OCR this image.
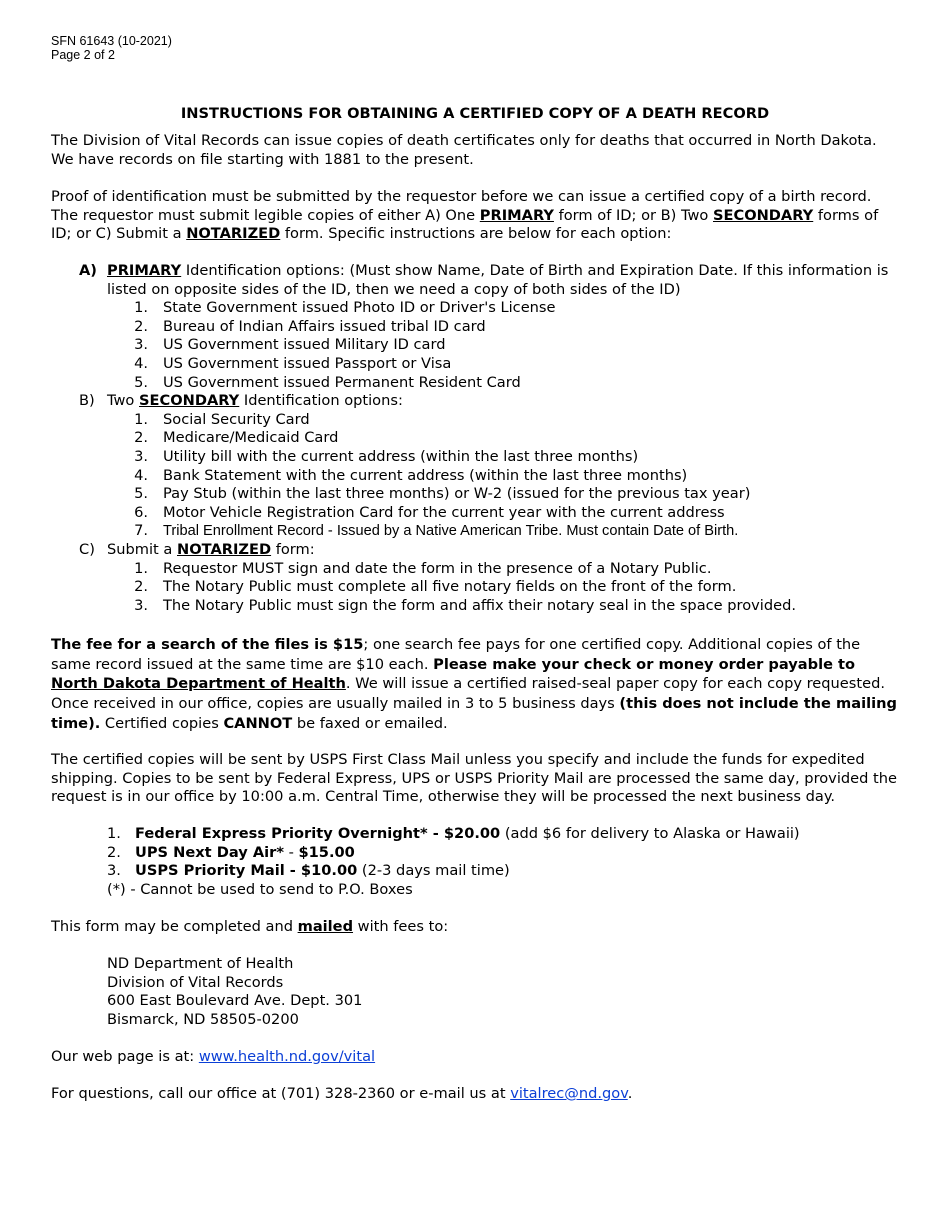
SFN 61643 (10-2021)
Page 2 of 2
INSTRUCTIONS FOR OBTAINING A CERTIFIED COPY OF A DEATH RECORD
The Division of Vital Records can issue copies of death certificates only for deaths that occurred in North Dakota. We have records on file starting with 1881 to the present.
Proof of identification must be submitted by the requestor before we can issue a certified copy of a birth record.
The requestor must submit legible copies of either A) One PRIMARY form of ID; or B) Two SECONDARY forms of ID; or C) Submit a NOTARIZED form. Specific instructions are below for each option:
A) PRIMARY Identification options: (Must show Name, Date of Birth and Expiration Date. If this information is listed on opposite sides of the ID, then we need a copy of both sides of the ID)
1. State Government issued Photo ID or Driver's License
2. Bureau of Indian Affairs issued tribal ID card
3. US Government issued Military ID card
4. US Government issued Passport or Visa
5. US Government issued Permanent Resident Card
B) Two SECONDARY Identification options:
1. Social Security Card
2. Medicare/Medicaid Card
3. Utility bill with the current address (within the last three months)
4. Bank Statement with the current address (within the last three months)
5. Pay Stub (within the last three months) or W-2 (issued for the previous tax year)
6. Motor Vehicle Registration Card for the current year with the current address
7. Tribal Enrollment Record - Issued by a Native American Tribe. Must contain Date of Birth.
C) Submit a NOTARIZED form:
1. Requestor MUST sign and date the form in the presence of a Notary Public.
2. The Notary Public must complete all five notary fields on the front of the form.
3. The Notary Public must sign the form and affix their notary seal in the space provided.
The fee for a search of the files is $15; one search fee pays for one certified copy. Additional copies of the same record issued at the same time are $10 each. Please make your check or money order payable to North Dakota Department of Health. We will issue a certified raised-seal paper copy for each copy requested. Once received in our office, copies are usually mailed in 3 to 5 business days (this does not include the mailing time). Certified copies CANNOT be faxed or emailed.
The certified copies will be sent by USPS First Class Mail unless you specify and include the funds for expedited shipping. Copies to be sent by Federal Express, UPS or USPS Priority Mail are processed the same day, provided the request is in our office by 10:00 a.m. Central Time, otherwise they will be processed the next business day.
1. Federal Express Priority Overnight* - $20.00 (add $6 for delivery to Alaska or Hawaii)
2. UPS Next Day Air* - $15.00
3. USPS Priority Mail - $10.00 (2-3 days mail time)
(*) - Cannot be used to send to P.O. Boxes
This form may be completed and mailed with fees to:
ND Department of Health
Division of Vital Records
600 East Boulevard Ave. Dept. 301
Bismarck, ND 58505-0200
Our web page is at: www.health.nd.gov/vital
For questions, call our office at (701) 328-2360 or e-mail us at vitalrec@nd.gov.
